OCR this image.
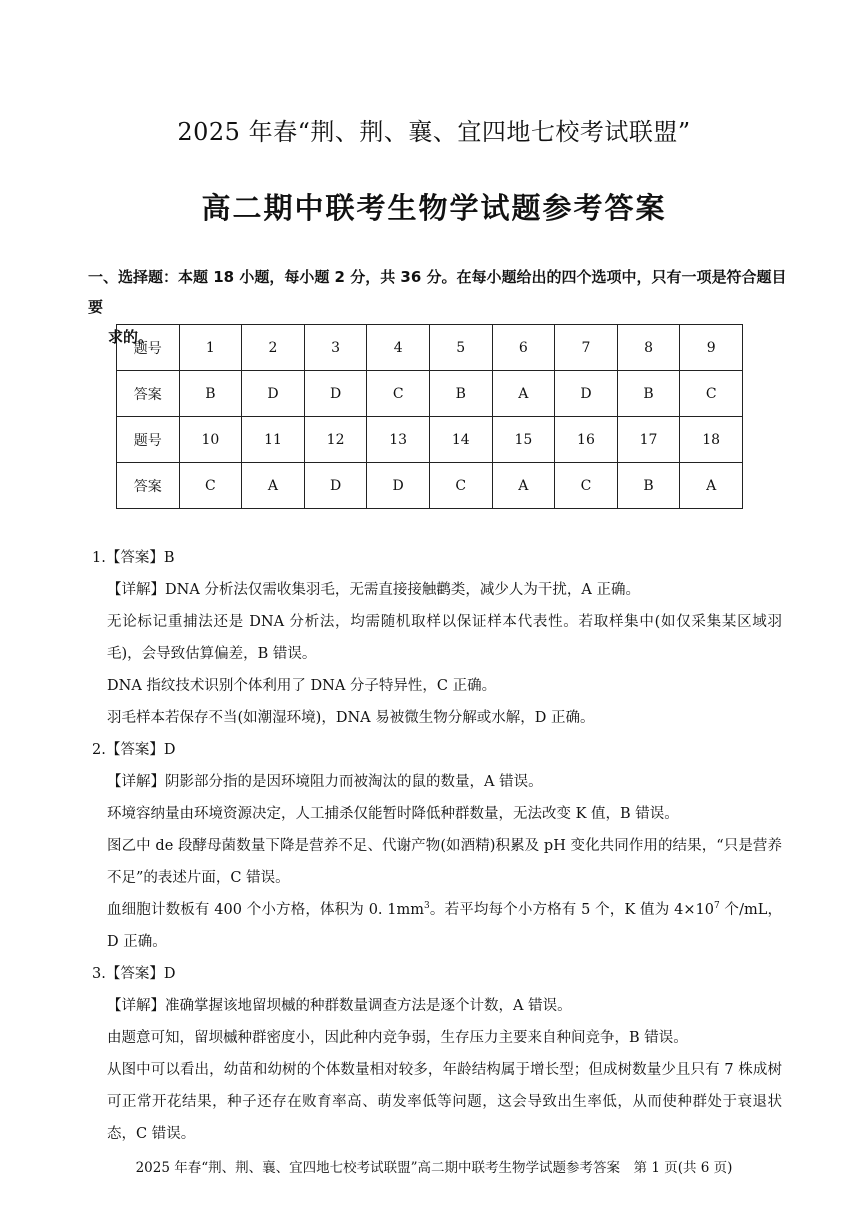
2025 年春“荆、荆、襄、宜四地七校考试联盟”
高二期中联考生物学试题参考答案
一、选择题：本题 18 小题，每小题 2 分，共 36 分。在每小题给出的四个选项中，只有一项是符合题目要
求的。
题号	1	2	3	4	5	6	7	8	9
答案	B	D	D	C	B	A	D	B	C
题号	10	11	12	13	14	15	16	17	18
答案	C	A	D	D	C	A	C	B	A

1.【答案】B

【详解】DNA 分析法仅需收集羽毛，无需直接接触鹳类，减少人为干扰，A 正确。

无论标记重捕法还是 DNA 分析法，均需随机取样以保证样本代表性。若取样集中(如仅采集某区域羽毛)，会导致估算偏差，B 错误。

DNA 指纹技术识别个体利用了 DNA 分子特异性，C 正确。

羽毛样本若保存不当(如潮湿环境)，DNA 易被微生物分解或水解，D 正确。

2.【答案】D

【详解】阴影部分指的是因环境阻力而被淘汰的鼠的数量，A 错误。

环境容纳量由环境资源决定，人工捕杀仅能暂时降低种群数量，无法改变 K 值，B 错误。

图乙中 de 段酵母菌数量下降是营养不足、代谢产物(如酒精)积累及 pH 变化共同作用的结果，“只是营养不足”的表述片面，C 错误。

血细胞计数板有 400 个小方格，体积为 0. $1mm^3$。若平均每个小方格有 5 个，K 值为 $4\times 10^7$ 个/mL，D 正确。

3.【答案】D

【详解】准确掌握该地留坝槭的种群数量调查方法是逐个计数，A 错误。

由题意可知，留坝槭种群密度小，因此种内竞争弱，生存压力主要来自种间竞争，B 错误。

从图中可以看出，幼苗和幼树的个体数量相对较多，年龄结构属于增长型；但成树数量少且只有 7 株成树可正常开花结果，种子还存在败育率高、萌发率低等问题，这会导致出生率低，从而使种群处于衰退状态，C 错误。

2025 年春“荆、荆、襄、宜四地七校考试联盟”高二期中联考生物学试题参考答案　第 1 页(共 6 页)
